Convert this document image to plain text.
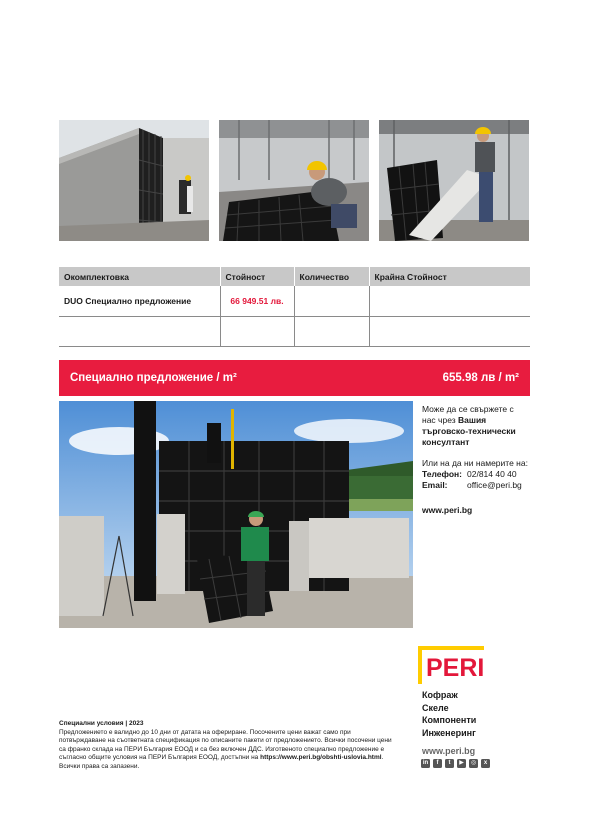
Окомплектовка	Стойност	Количество	Крайна Стойност
DUO Специално предложение	66 949.51 лв.		

Специално предложение / m²	655.98 лв / m²
Може да се свържете с
нас чрез Вашия
търговско-технически
консултант
Или на да ни намерите на:
Телефон: 02/814 40 40
Email:	office@peri.bg
www.peri.bg
PERI
Кофраж
Скеле
Компоненти
Инженеринг
www.peri.bg
in	f	t	▶	◎	x
Специални условия | 2023
Предложението е валидно до 10 дни от датата на офериране. Посочените цени важат само при потвърждаване на съответната спецификация по описаните пакети от предложението. Всички посочени цени са франко склада на ПЕРИ България ЕООД и са без включен ДДС. Изготвеното специално предложение е съгласно общите условия на ПЕРИ България ЕООД, достъпни на https://www.peri.bg/obshti-uslovia.html. Всички права са запазени.
